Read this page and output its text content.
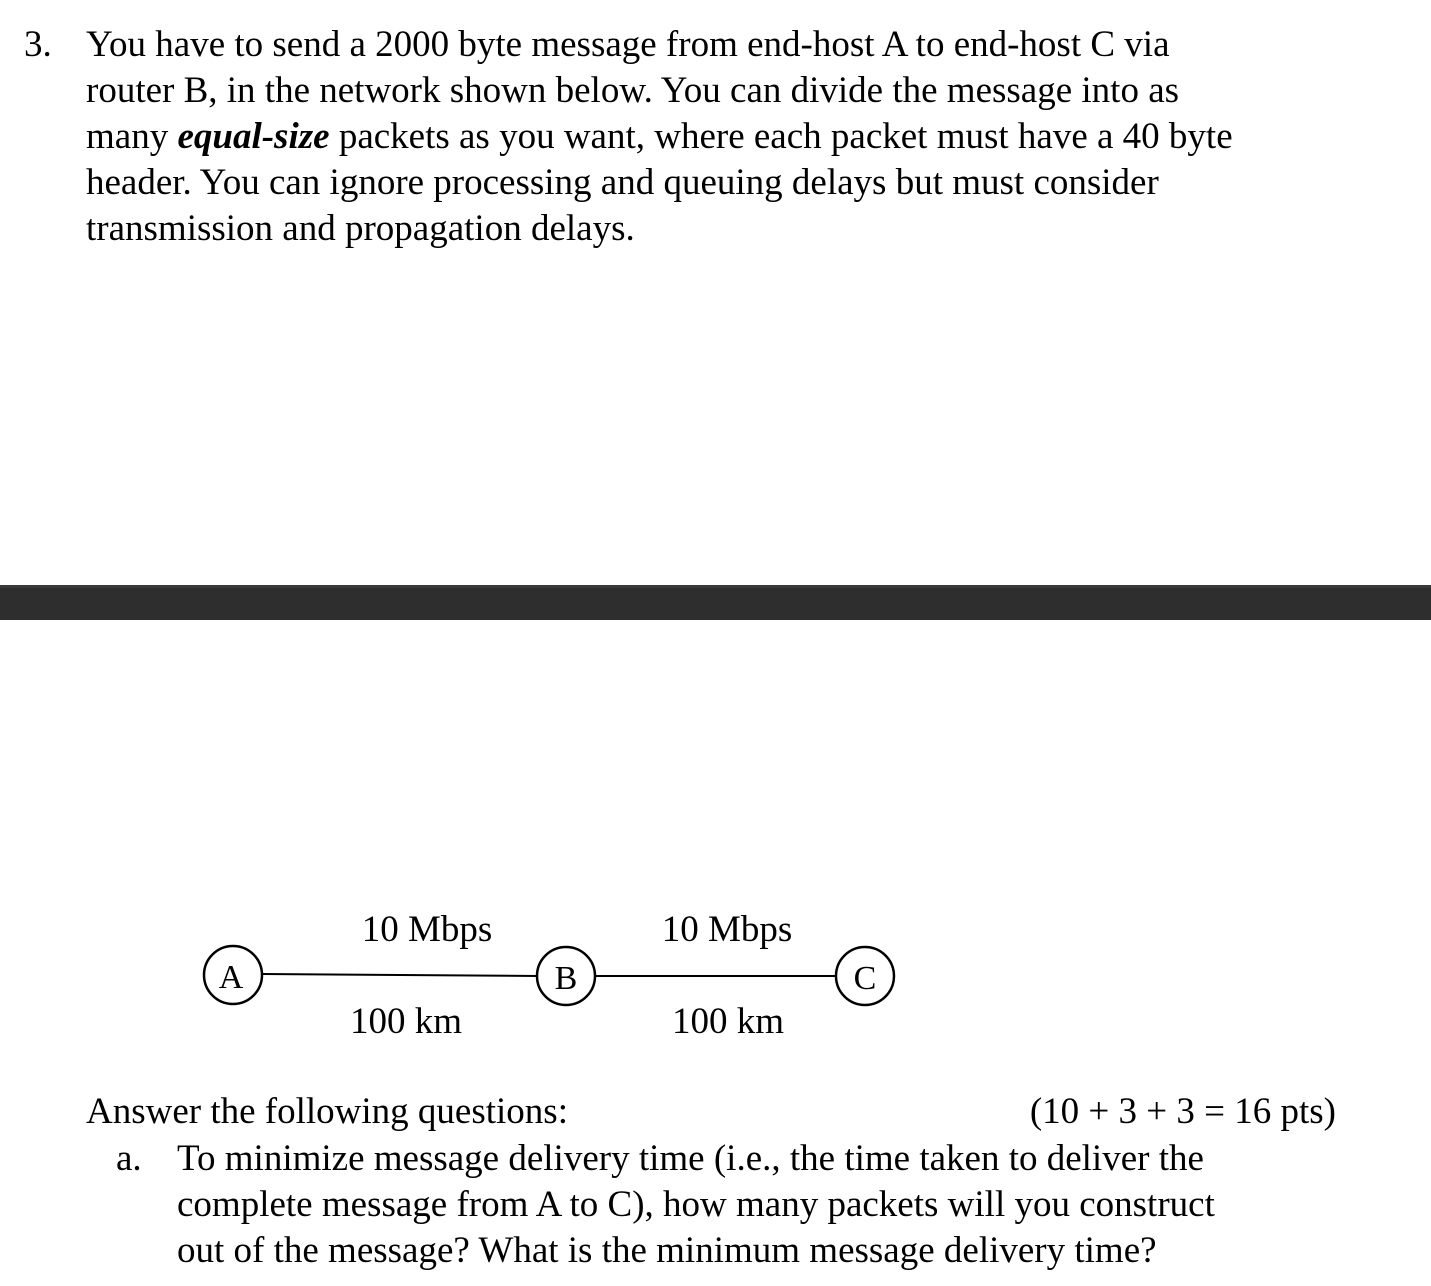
3. You have to send a 2000 byte message from end-host A to end-host C via
router B, in the network shown below. You can divide the message into as
many equal-size packets as you want, where each packet must have a 40 byte
header. You can ignore processing and queuing delays but must consider
transmission and propagation delays.
A	B	C
10 Mbps
100 km
10 Mbps
100 km
Answer the following questions:	(10 + 3 + 3 = 16 pts)
a. To minimize message delivery time (i.e., the time taken to deliver the
complete message from A to C), how many packets will you construct
out of the message? What is the minimum message delivery time?
